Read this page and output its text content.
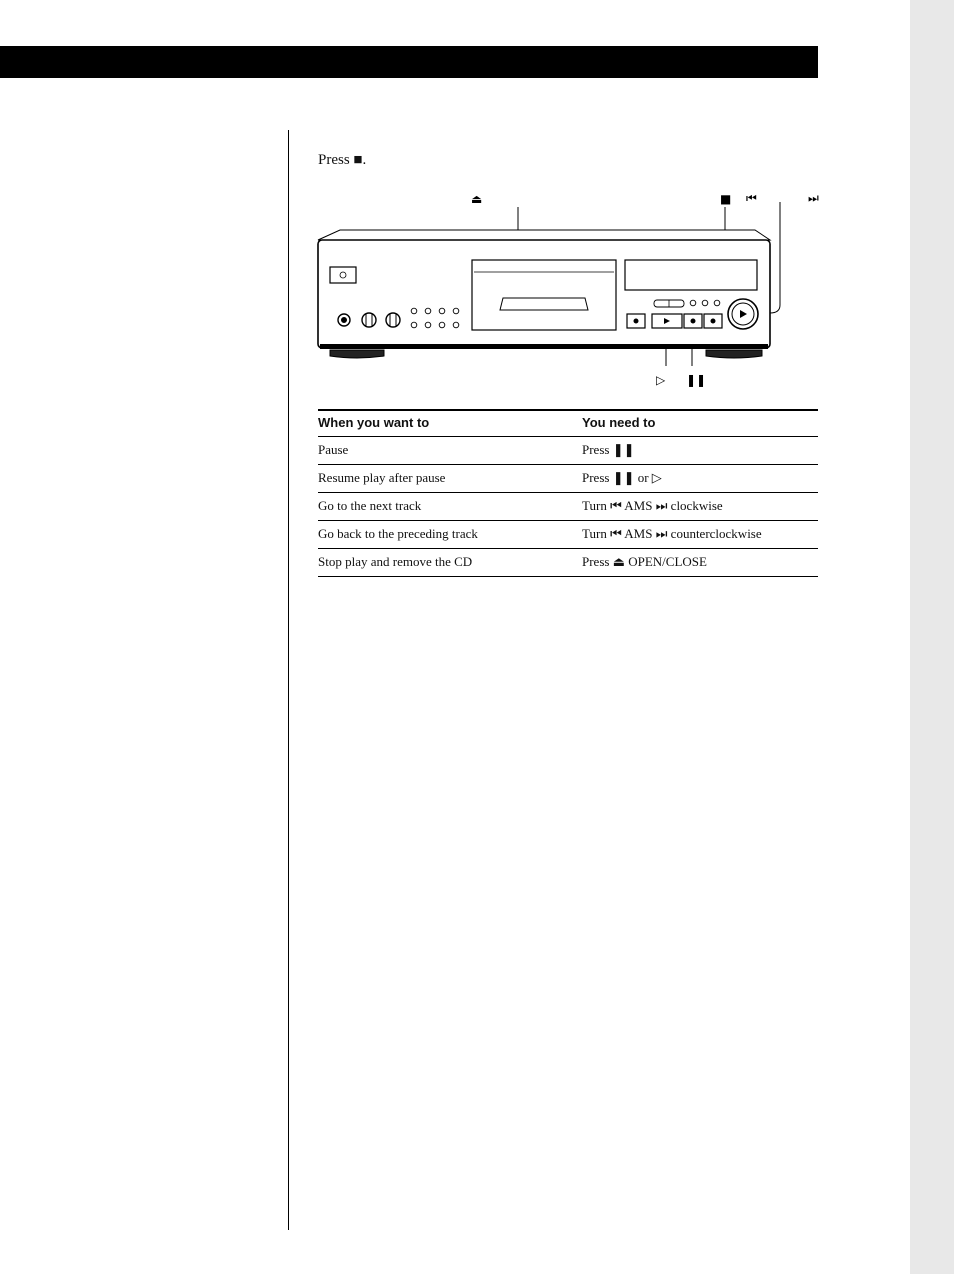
Press ■.
⏏	■ ⏮	⏭
▷ ❚❚
When you want to	You need to
Pause	Press ❚❚
Resume play after pause	Press ❚❚ or ▷
Go to the next track	Turn ⏮ AMS ⏭ clockwise
Go back to the preceding track	Turn ⏮ AMS ⏭ counterclockwise
Stop play and remove the CD	Press ⏏ OPEN/CLOSE
